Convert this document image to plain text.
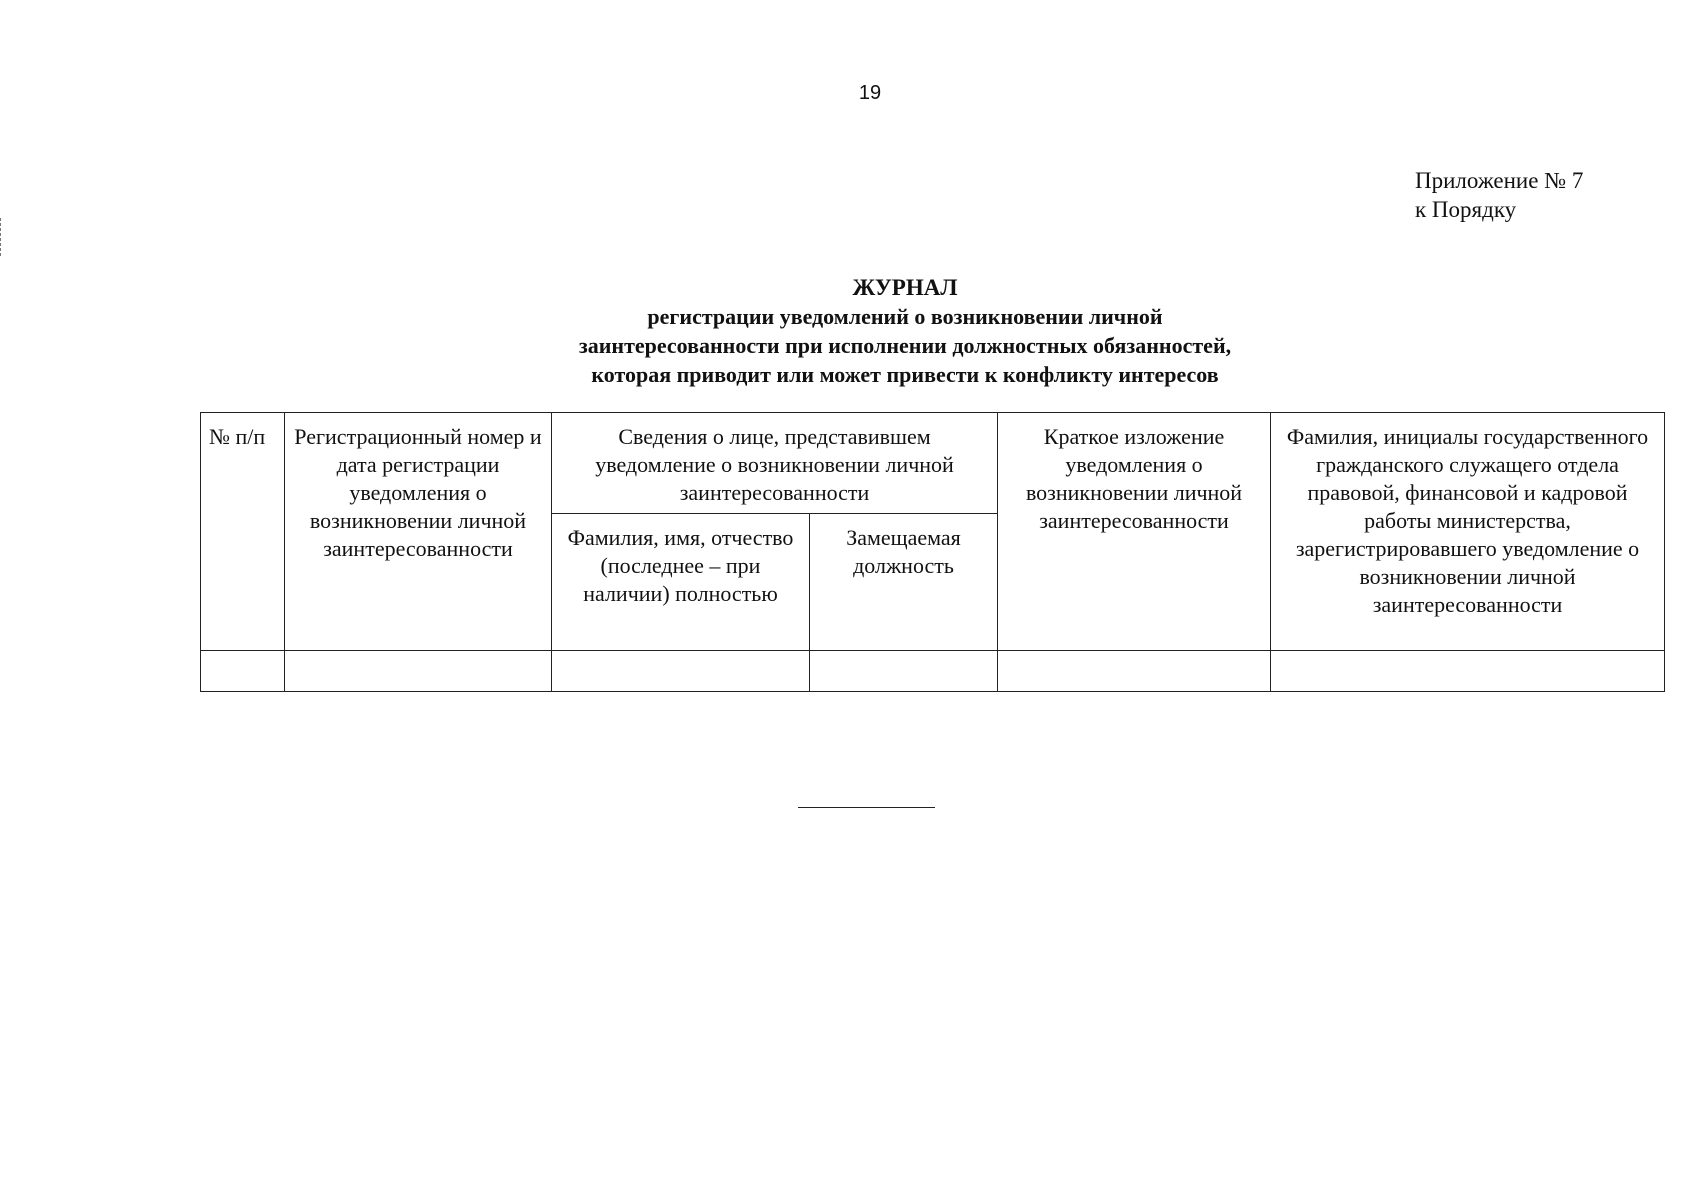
19
Приложение № 7
к Порядку
ЖУРНАЛ
регистрации уведомлений о возникновении личной
заинтересованности при исполнении должностных обязанностей,
которая приводит или может привести к конфликту интересов
№ п/п	Регистрационный номер и дата регистрации уведомления о возникновении личной заинтересованности	Сведения о лице, представившем уведомление о возникновении личной заинтересованности		Краткое изложение уведомления о возникновении личной заинтересованности	Фамилия, инициалы государственного гражданского служащего отдела правовой, финансовой и кадровой работы министерства, зарегистрировавшего уведомление о возникновении личной заинтересованности
		Фамилия, имя, отчество (последнее – при наличии) полностью	Замещаемая должность		
